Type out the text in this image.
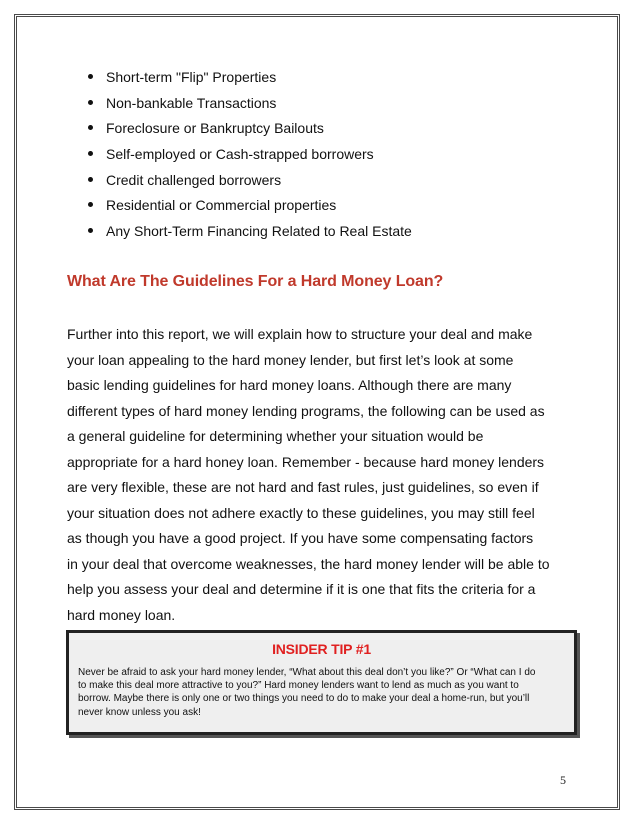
Short-term "Flip" Properties
Non-bankable Transactions
Foreclosure or Bankruptcy Bailouts
Self-employed or Cash-strapped borrowers
Credit challenged borrowers
Residential or Commercial properties
Any Short-Term Financing Related to Real Estate
What Are The Guidelines For a Hard Money Loan?
Further into this report, we will explain how to structure your deal and make
your loan appealing to the hard money lender, but first let’s look at some
basic lending guidelines for hard money loans. Although there are many
different types of hard money lending programs, the following can be used as
a general guideline for determining whether your situation would be
appropriate for a hard honey loan. Remember - because hard money lenders
are very flexible, these are not hard and fast rules, just guidelines, so even if
your situation does not adhere exactly to these guidelines, you may still feel
as though you have a good project. If you have some compensating factors
in your deal that overcome weaknesses, the hard money lender will be able to
help you assess your deal and determine if it is one that fits the criteria for a
hard money loan.
INSIDER TIP #1
Never be afraid to ask your hard money lender, “What about this deal don’t you like?” Or “What can I do
to make this deal more attractive to you?” Hard money lenders want to lend as much as you want to
borrow. Maybe there is only one or two things you need to do to make your deal a home-run, but you’ll
never know unless you ask!
5
